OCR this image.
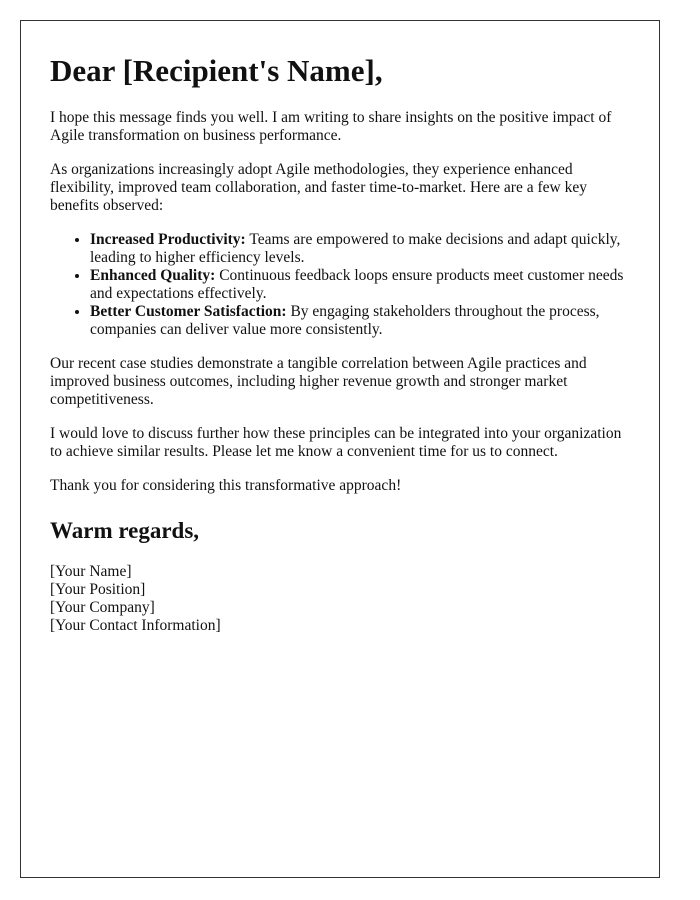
Dear [Recipient's Name],

I hope this message finds you well. I am writing to share insights on the positive impact of Agile transformation on business performance.

As organizations increasingly adopt Agile methodologies, they experience enhanced flexibility, improved team collaboration, and faster time-to-market. Here are a few key benefits observed:

• Increased Productivity: Teams are empowered to make decisions and adapt quickly, leading to higher efficiency levels.
• Enhanced Quality: Continuous feedback loops ensure products meet customer needs and expectations effectively.
• Better Customer Satisfaction: By engaging stakeholders throughout the process, companies can deliver value more consistently.

Our recent case studies demonstrate a tangible correlation between Agile practices and improved business outcomes, including higher revenue growth and stronger market competitiveness.

I would love to discuss further how these principles can be integrated into your organization to achieve similar results. Please let me know a convenient time for us to connect.

Thank you for considering this transformative approach!

Warm regards,
[Your Name]
[Your Position]
[Your Company]
[Your Contact Information]
